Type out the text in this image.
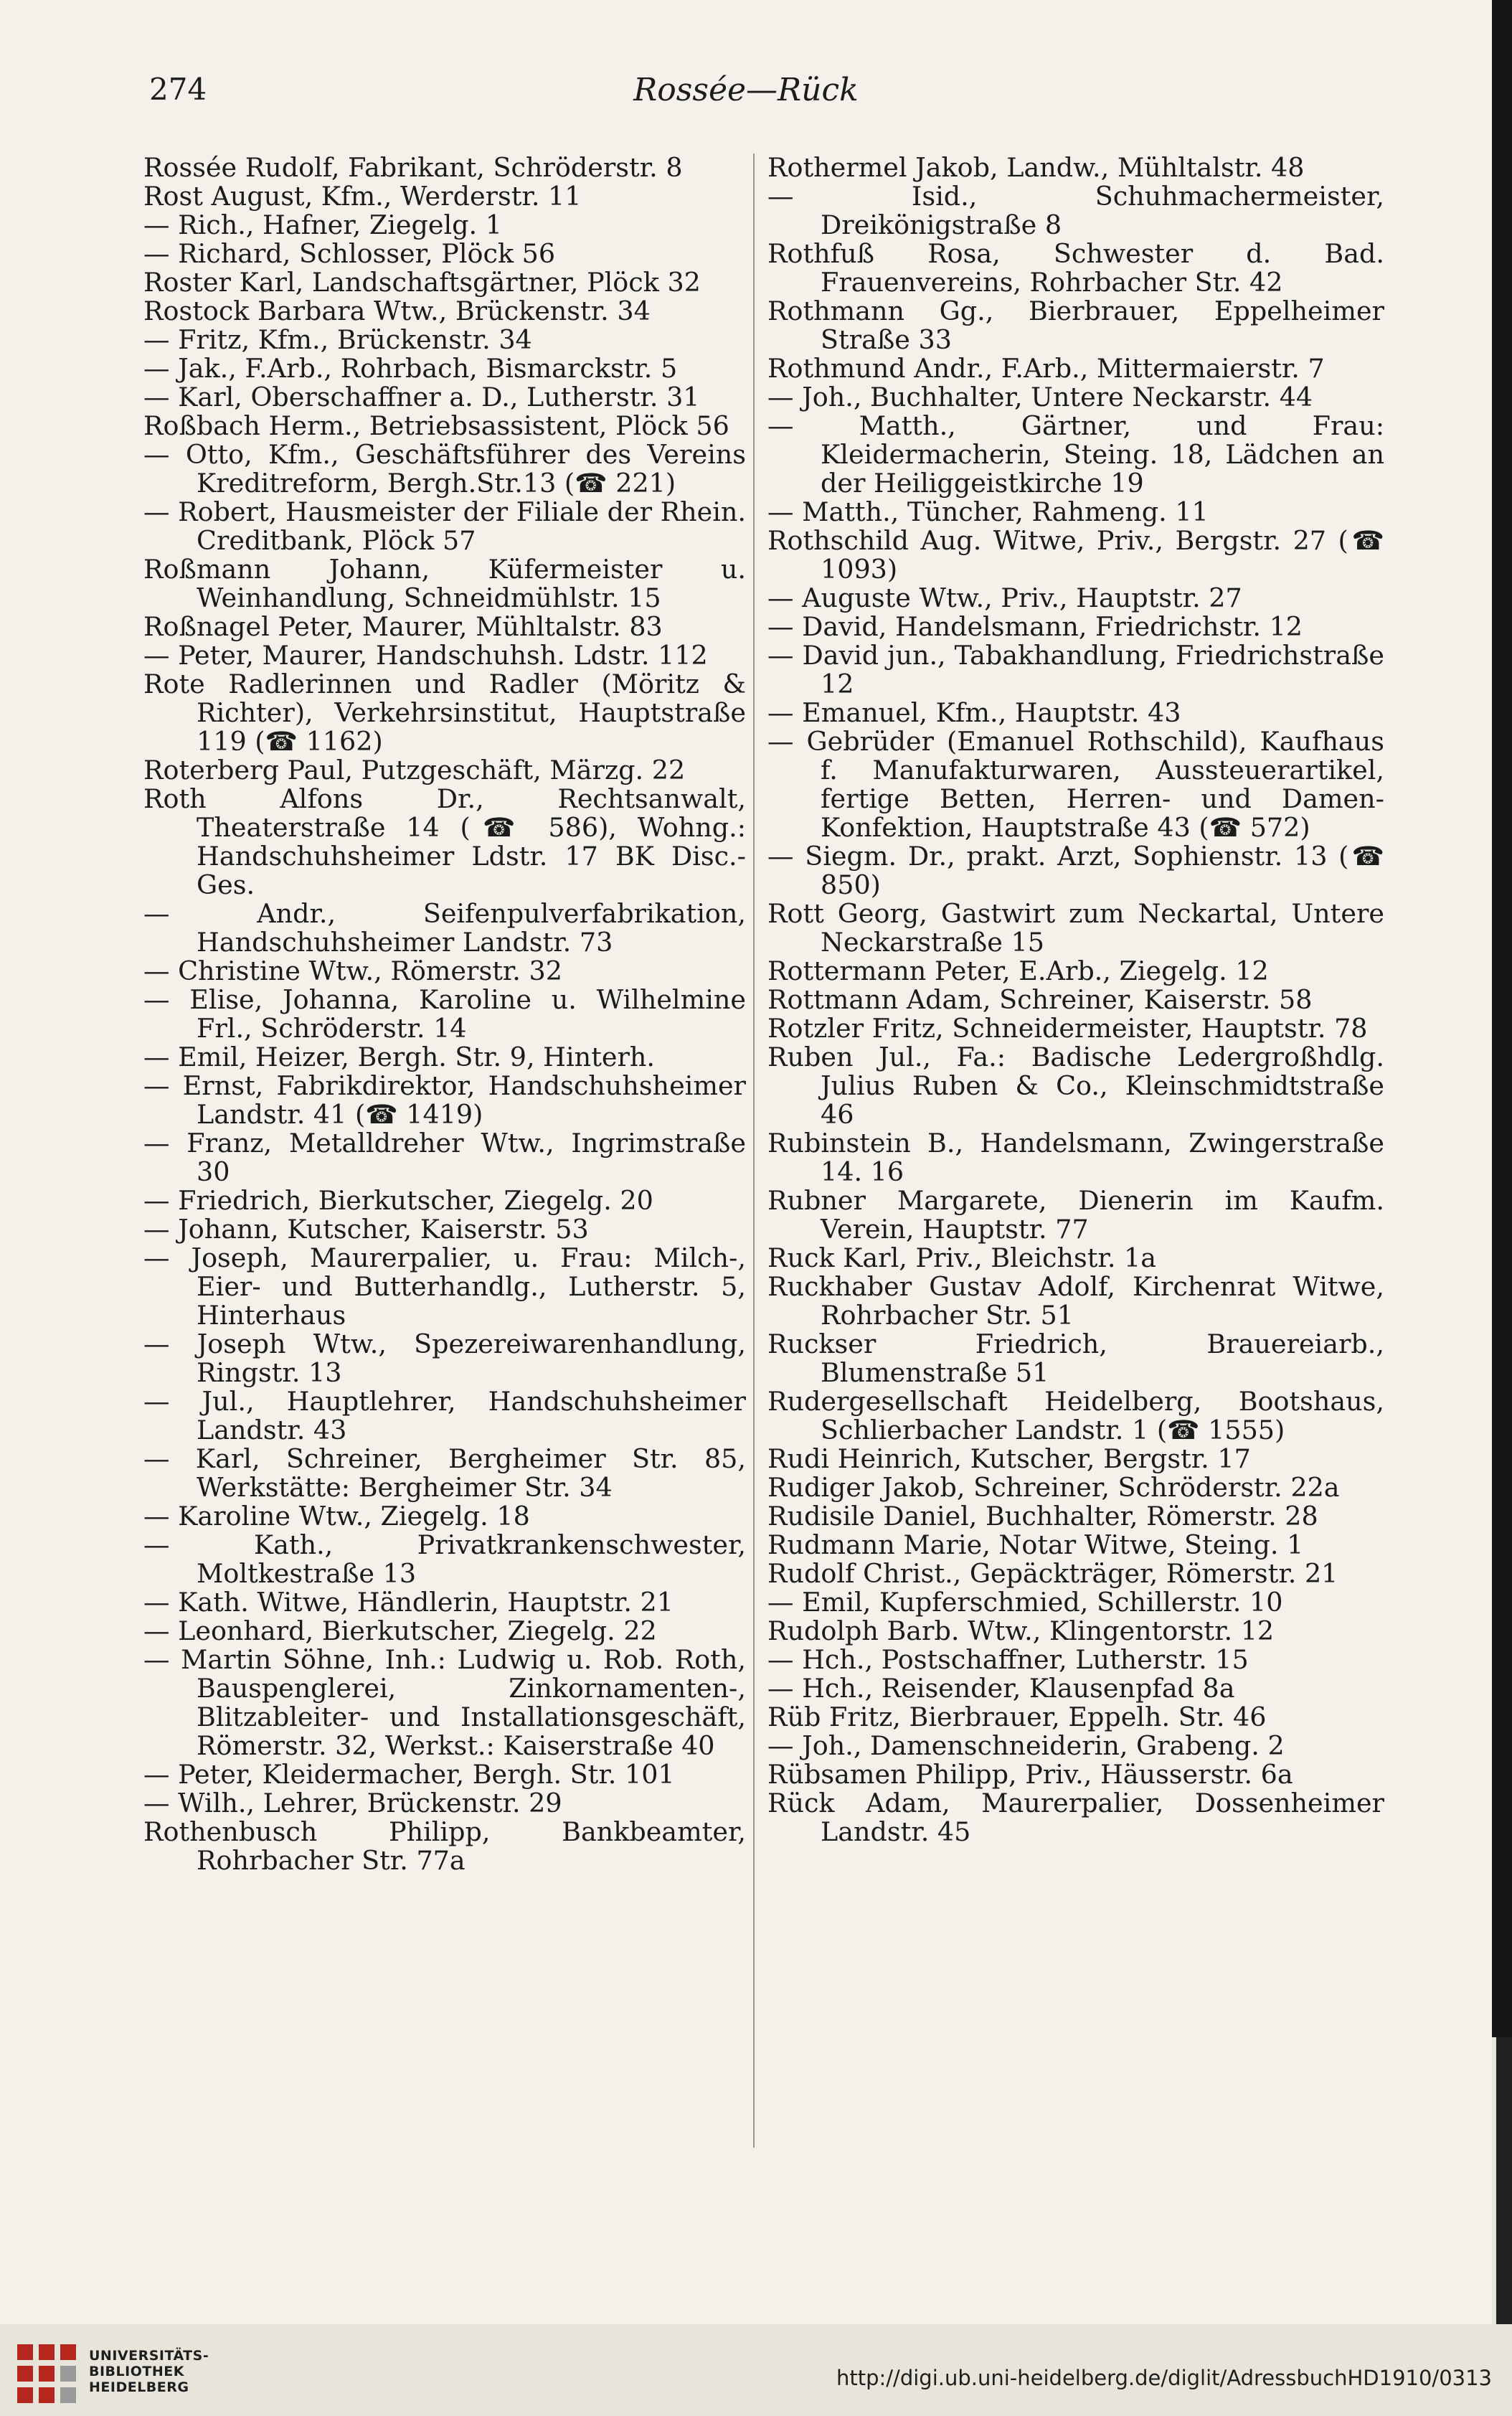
274	Rossée—Rück

Rossée Rudolf, Fabrikant, Schröderstr. 8

Rost August, Kfm., Werderstr. 11

— Rich., Hafner, Ziegelg. 1

— Richard, Schlosser, Plöck 56

Roster Karl, Landschaftsgärtner, Plöck 32

Rostock Barbara Wtw., Brückenstr. 34

— Fritz, Kfm., Brückenstr. 34

— Jak., F.Arb., Rohrbach, Bismarckstr. 5

— Karl, Oberschaffner a. D., Lutherstr. 31

Roßbach Herm., Betriebsassistent, Plöck 56

— Otto, Kfm., Geschäftsführer des Vereins Kreditreform, Bergh.Str.13 (☎ 221)

— Robert, Hausmeister der Filiale der Rhein. Creditbank, Plöck 57

Roßmann Johann, Küfermeister u. Weinhandlung, Schneidmühlstr. 15

Roßnagel Peter, Maurer, Mühltalstr. 83

— Peter, Maurer, Handschuhsh. Ldstr. 112

Rote Radlerinnen und Radler (Möritz & Richter), Verkehrsinstitut, Hauptstraße 119 (☎ 1162)

Roterberg Paul, Putzgeschäft, Märzg. 22

Roth Alfons Dr., Rechtsanwalt, Theaterstraße 14 (☎ 586), Wohng.: Handschuhsheimer Ldstr. 17 BK Disc.-Ges.

— Andr., Seifenpulverfabrikation, Handschuhsheimer Landstr. 73

— Christine Wtw., Römerstr. 32

— Elise, Johanna, Karoline u. Wilhelmine Frl., Schröderstr. 14

— Emil, Heizer, Bergh. Str. 9, Hinterh.

— Ernst, Fabrikdirektor, Handschuhsheimer Landstr. 41 (☎ 1419)

— Franz, Metalldreher Wtw., Ingrimstraße 30

— Friedrich, Bierkutscher, Ziegelg. 20

— Johann, Kutscher, Kaiserstr. 53

— Joseph, Maurerpalier, u. Frau: Milch-, Eier- und Butterhandlg., Lutherstr. 5, Hinterhaus

— Joseph Wtw., Spezereiwarenhandlung, Ringstr. 13

— Jul., Hauptlehrer, Handschuhsheimer Landstr. 43

— Karl, Schreiner, Bergheimer Str. 85, Werkstätte: Bergheimer Str. 34

— Karoline Wtw., Ziegelg. 18

— Kath., Privatkrankenschwester, Moltkestraße 13

— Kath. Witwe, Händlerin, Hauptstr. 21

— Leonhard, Bierkutscher, Ziegelg. 22

— Martin Söhne, Inh.: Ludwig u. Rob. Roth, Bauspenglerei, Zinkornamenten-, Blitzableiter- und Installationsgeschäft, Römerstr. 32, Werkst.: Kaiserstraße 40

— Peter, Kleidermacher, Bergh. Str. 101

— Wilh., Lehrer, Brückenstr. 29

Rothenbusch Philipp, Bankbeamter, Rohrbacher Str. 77a

Rothermel Jakob, Landw., Mühltalstr. 48

— Isid., Schuhmachermeister, Dreikönigstraße 8

Rothfuß Rosa, Schwester d. Bad. Frauenvereins, Rohrbacher Str. 42

Rothmann Gg., Bierbrauer, Eppelheimer Straße 33

Rothmund Andr., F.Arb., Mittermaierstr. 7

— Joh., Buchhalter, Untere Neckarstr. 44

— Matth., Gärtner, und Frau: Kleidermacherin, Steing. 18, Lädchen an der Heiliggeistkirche 19

— Matth., Tüncher, Rahmeng. 11

Rothschild Aug. Witwe, Priv., Bergstr. 27 (☎ 1093)

— Auguste Wtw., Priv., Hauptstr. 27

— David, Handelsmann, Friedrichstr. 12

— David jun., Tabakhandlung, Friedrichstraße 12

— Emanuel, Kfm., Hauptstr. 43

— Gebrüder (Emanuel Rothschild), Kaufhaus f. Manufakturwaren, Aussteuerartikel, fertige Betten, Herren- und Damen-Konfektion, Hauptstraße 43 (☎ 572)

— Siegm. Dr., prakt. Arzt, Sophienstr. 13 (☎ 850)

Rott Georg, Gastwirt zum Neckartal, Untere Neckarstraße 15

Rottermann Peter, E.Arb., Ziegelg. 12

Rottmann Adam, Schreiner, Kaiserstr. 58

Rotzler Fritz, Schneidermeister, Hauptstr. 78

Ruben Jul., Fa.: Badische Ledergroßhdlg. Julius Ruben & Co., Kleinschmidtstraße 46

Rubinstein B., Handelsmann, Zwingerstraße 14. 16

Rubner Margarete, Dienerin im Kaufm. Verein, Hauptstr. 77

Ruck Karl, Priv., Bleichstr. 1a

Ruckhaber Gustav Adolf, Kirchenrat Witwe, Rohrbacher Str. 51

Ruckser Friedrich, Brauereiarb., Blumenstraße 51

Rudergesellschaft Heidelberg, Bootshaus, Schlierbacher Landstr. 1 (☎ 1555)

Rudi Heinrich, Kutscher, Bergstr. 17

Rudiger Jakob, Schreiner, Schröderstr. 22a

Rudisile Daniel, Buchhalter, Römerstr. 28

Rudmann Marie, Notar Witwe, Steing. 1

Rudolf Christ., Gepäckträger, Römerstr. 21

— Emil, Kupferschmied, Schillerstr. 10

Rudolph Barb. Wtw., Klingentorstr. 12

— Hch., Postschaffner, Lutherstr. 15

— Hch., Reisender, Klausenpfad 8a

Rüb Fritz, Bierbrauer, Eppelh. Str. 46

— Joh., Damenschneiderin, Grabeng. 2

Rübsamen Philipp, Priv., Häusserstr. 6a

Rück Adam, Maurerpalier, Dossenheimer Landstr. 45

UNIVERSITÄTS-
BIBLIOTHEK
HEIDELBERG	http://digi.ub.uni-heidelberg.de/diglit/AdressbuchHD1910/0313
